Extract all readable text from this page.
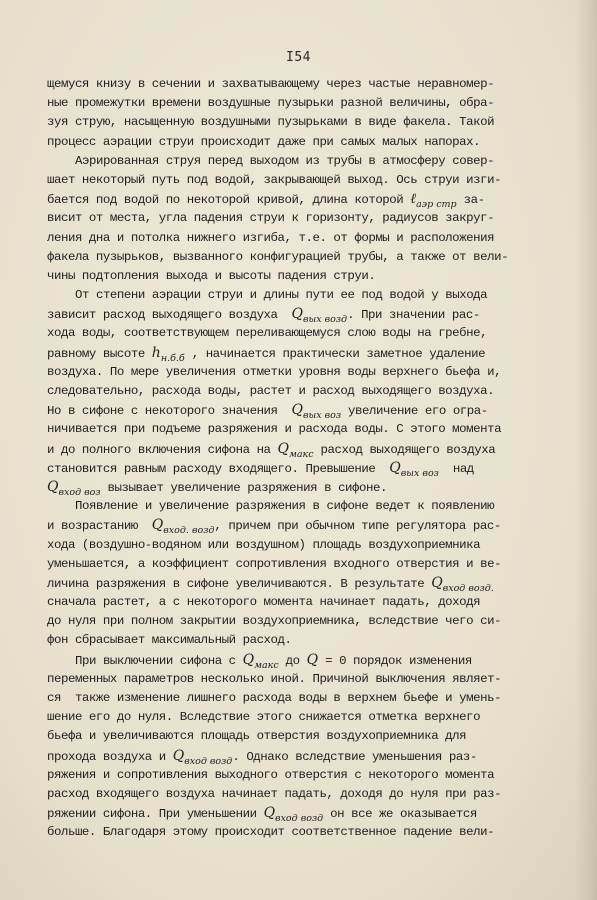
I54
щемуся книзу в сечении и захватывающему через частые неравномер-
ные промежутки времени воздушные пузырьки разной величины, обра-
зуя струю, насыщенную воздушными пузырьками в виде факела. Такой
процесс аэрации струи происходит даже при самых малых напорах.
Аэрированная струя перед выходом из трубы в атмосферу совер-
шает некоторый путь под водой, закрывающей выход. Ось струи изги-
бается под водой по некоторой кривой, длина которой ℓ$_{аэр стр}$ за-
висит от места, угла падения струи к горизонту, радиусов закруг-
ления дна и потолка нижнего изгиба, т.е. от формы и расположения
факела пузырьков, вызванного конфигурацией трубы, а также от вели-
чины подтопления выхода и высоты падения струи.
От степени аэрации струи и длины пути ее под водой у выхода
зависит расход выходящего воздуха  $Q_{вых возд}$. При значении рас-
хода воды, соответствующем переливающемуся слою воды на гребне,
равному высоте $h_{н.б.б}$ , начинается практически заметное удаление
воздуха. По мере увеличения отметки уровня воды верхнего бьефа и,
следовательно, расхода воды, растет и расход выходящего воздуха.
Но в сифоне с некоторого значения  $Q_{вых воз}$ увеличение его огра-
ничивается при подъеме разряжения и расхода воды. С этого момента
и до полного включения сифона на $Q_{макс}$ расход выходящего воздуха
становится равным расходу входящего. Превышение  $Q_{вых воз}$  над
$Q_{вход воз}$ вызывает увеличение разряжения в сифоне.
Появление и увеличение разряжения в сифоне ведет к появлению
и возрастанию  $Q_{вход. возд}$, причем при обычном типе регулятора рас-
хода (воздушно-водяном или воздушном) площадь воздухоприемника
уменьшается, а коэффициент сопротивления входного отверстия и ве-
личина разряжения в сифоне увеличиваются. В результате $Q_{вход возд.}$
сначала растет, а с некоторого момента начинает падать, доходя
до нуля при полном закрытии воздухоприемника, вследствие чего си-
фон сбрасывает максимальный расход.
При выключении сифона с $Q_{макс}$ до Q = 0 порядок изменения
переменных параметров несколько иной. Причиной выключения являет-
ся  также изменение лишнего расхода воды в верхнем бьефе и умень-
шение его до нуля. Вследствие этого снижается отметка верхнего
бьефа и увеличиваются площадь отверстия воздухоприемника для
прохода воздуха и $Q_{вход возд}$. Однако вследствие уменьшения раз-
ряжения и сопротивления выходного отверстия с некоторого момента
расход входящего воздуха начинает падать, доходя до нуля при раз-
ряжении сифона. При уменьшении $Q_{вход возд}$ он все же оказывается
больше. Благодаря этому происходит соответственное падение вели-
